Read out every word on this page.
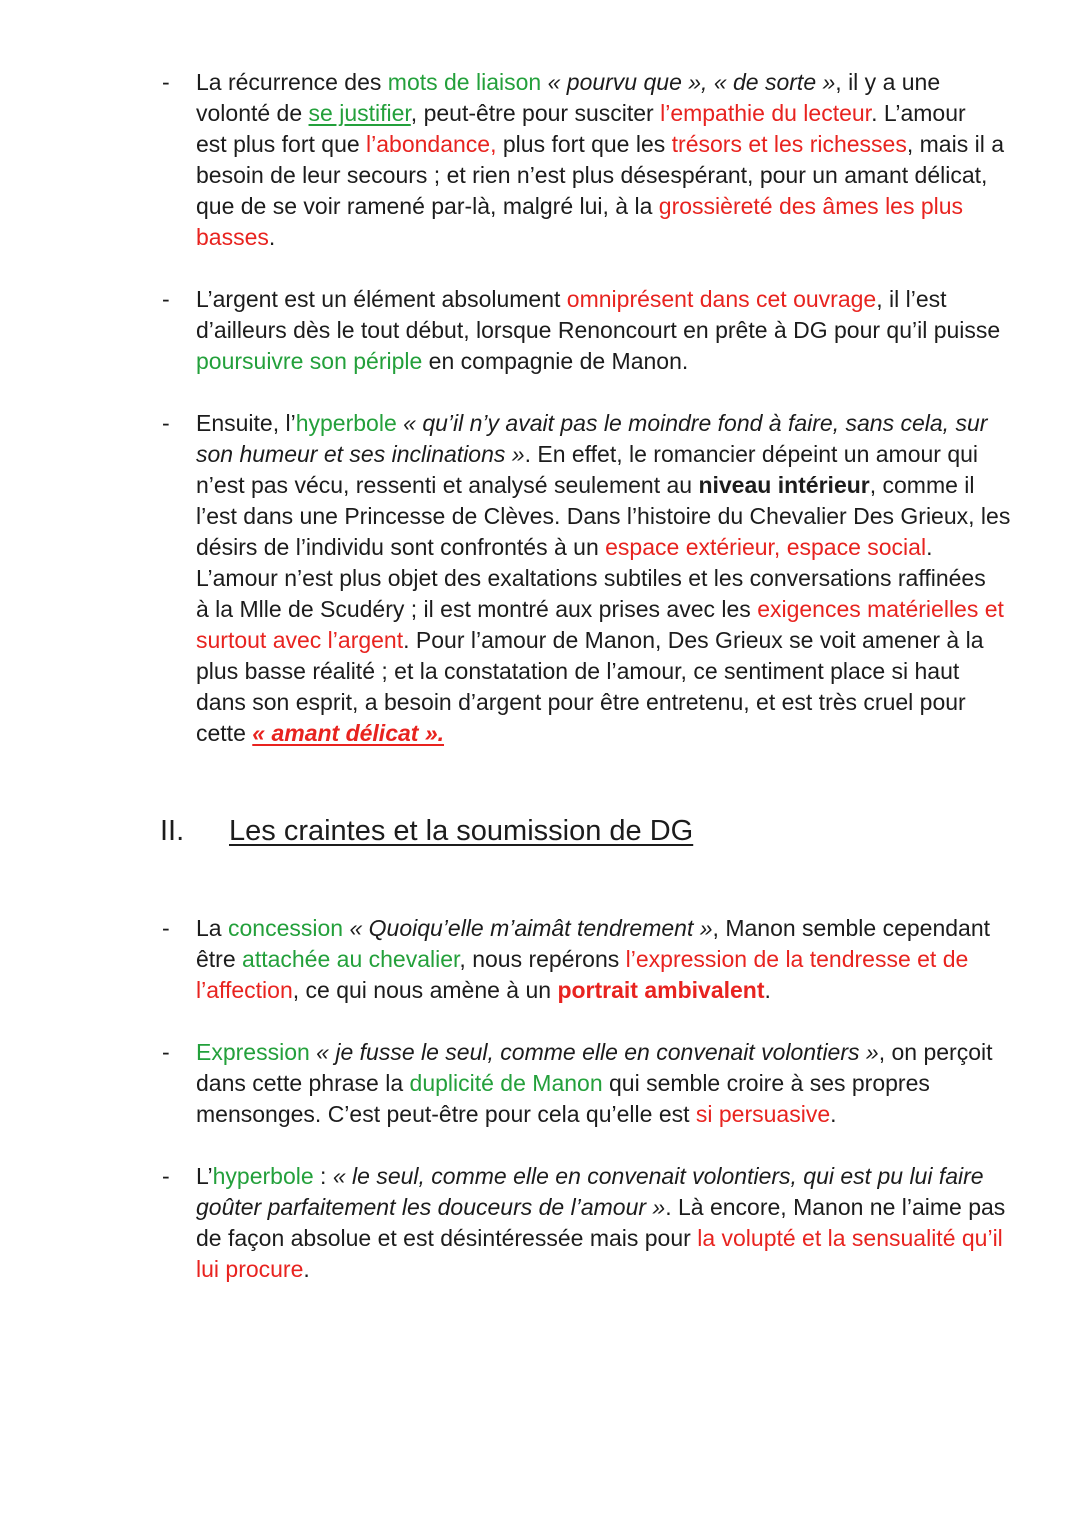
- La récurrence des mots de liaison « pourvu que », « de sorte », il y a une
volonté de se justifier, peut-être pour susciter l’empathie du lecteur. L’amour
est plus fort que l’abondance, plus fort que les trésors et les richesses, mais il a
besoin de leur secours ; et rien n’est plus désespérant, pour un amant délicat,
que de se voir ramené par-là, malgré lui, à la grossièreté des âmes les plus
basses.
- L’argent est un élément absolument omniprésent dans cet ouvrage, il l’est
d’ailleurs dès le tout début, lorsque Renoncourt en prête à DG pour qu’il puisse
poursuivre son périple en compagnie de Manon.
- Ensuite, l’hyperbole « qu’il n’y avait pas le moindre fond à faire, sans cela, sur
son humeur et ses inclinations ». En effet, le romancier dépeint un amour qui
n’est pas vécu, ressenti et analysé seulement au niveau intérieur, comme il
l’est dans une Princesse de Clèves. Dans l’histoire du Chevalier Des Grieux, les
désirs de l’individu sont confrontés à un espace extérieur, espace social.
L’amour n’est plus objet des exaltations subtiles et les conversations raffinées
à la Mlle de Scudéry ; il est montré aux prises avec les exigences matérielles et
surtout avec l’argent. Pour l’amour de Manon, Des Grieux se voit amener à la
plus basse réalité ; et la constatation de l’amour, ce sentiment place si haut
dans son esprit, a besoin d’argent pour être entretenu, et est très cruel pour
cette « amant délicat ».
II. Les craintes et la soumission de DG
- La concession « Quoiqu’elle m’aimât tendrement », Manon semble cependant
être attachée au chevalier, nous repérons l’expression de la tendresse et de
l’affection, ce qui nous amène à un portrait ambivalent.
- Expression « je fusse le seul, comme elle en convenait volontiers », on perçoit
dans cette phrase la duplicité de Manon qui semble croire à ses propres
mensonges. C’est peut-être pour cela qu’elle est si persuasive.
- L’hyperbole : « le seul, comme elle en convenait volontiers, qui est pu lui faire
goûter parfaitement les douceurs de l’amour ». Là encore, Manon ne l’aime pas
de façon absolue et est désintéressée mais pour la volupté et la sensualité qu’il
lui procure.
